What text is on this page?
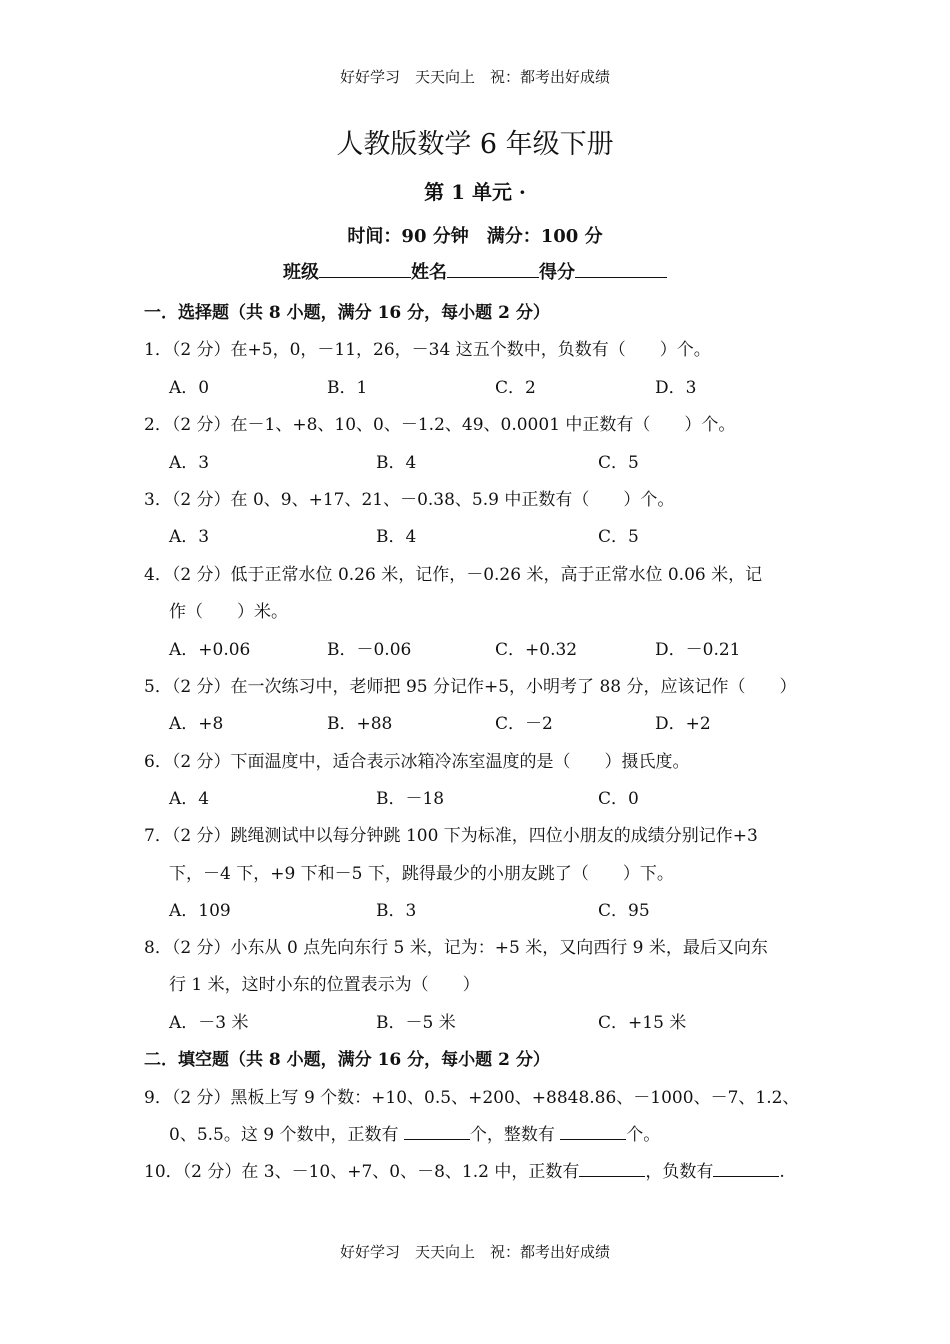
好好学习　天天向上　祝：都考出好成绩
人教版数学 6 年级下册
第 1 单元 ·
时间：90 分钟　满分：100 分
班级	姓名	得分
一．选择题（共 8 小题，满分 16 分，每小题 2 分）
1．（2 分）在+5，0，－11，26，－34 这五个数中，负数有（　　）个。
A．0	B．1	C．2	D．3
2．（2 分）在－1、+8、10、0、－1.2、49、0.0001 中正数有（　　）个。
A．3	B．4	C．5
3．（2 分）在 0、9、+17、21、－0.38、5.9 中正数有（　　）个。
A．3	B．4	C．5
4．（2 分）低于正常水位 0.26 米，记作，－0.26 米，高于正常水位 0.06 米，记
作（　　）米。
A．+0.06	B．－0.06	C．+0.32	D．－0.21
5．（2 分）在一次练习中，老师把 95 分记作+5，小明考了 88 分，应该记作（　　）
A．+8	B．+88	C．－2	D．+2
6．（2 分）下面温度中，适合表示冰箱冷冻室温度的是（　　）摄氏度。
A．4	B．－18	C．0
7．（2 分）跳绳测试中以每分钟跳 100 下为标准，四位小朋友的成绩分别记作+3
下，－4 下，+9 下和－5 下，跳得最少的小朋友跳了（　　）下。
A．109	B．3	C．95
8．（2 分）小东从 0 点先向东行 5 米，记为：+5 米，又向西行 9 米，最后又向东
行 1 米，这时小东的位置表示为（　　）
A．－3 米	B．－5 米	C．+15 米
二．填空题（共 8 小题，满分 16 分，每小题 2 分）
9．（2 分）黑板上写 9 个数：+10、0.5、+200、+8848.86、－1000、－7、1.2、
0、5.5。这 9 个数中，正数有	个，整数有	个。
10．（2 分）在 3、－10、+7、0、－8、1.2 中，正数有	，负数有	.
好好学习　天天向上　祝：都考出好成绩
